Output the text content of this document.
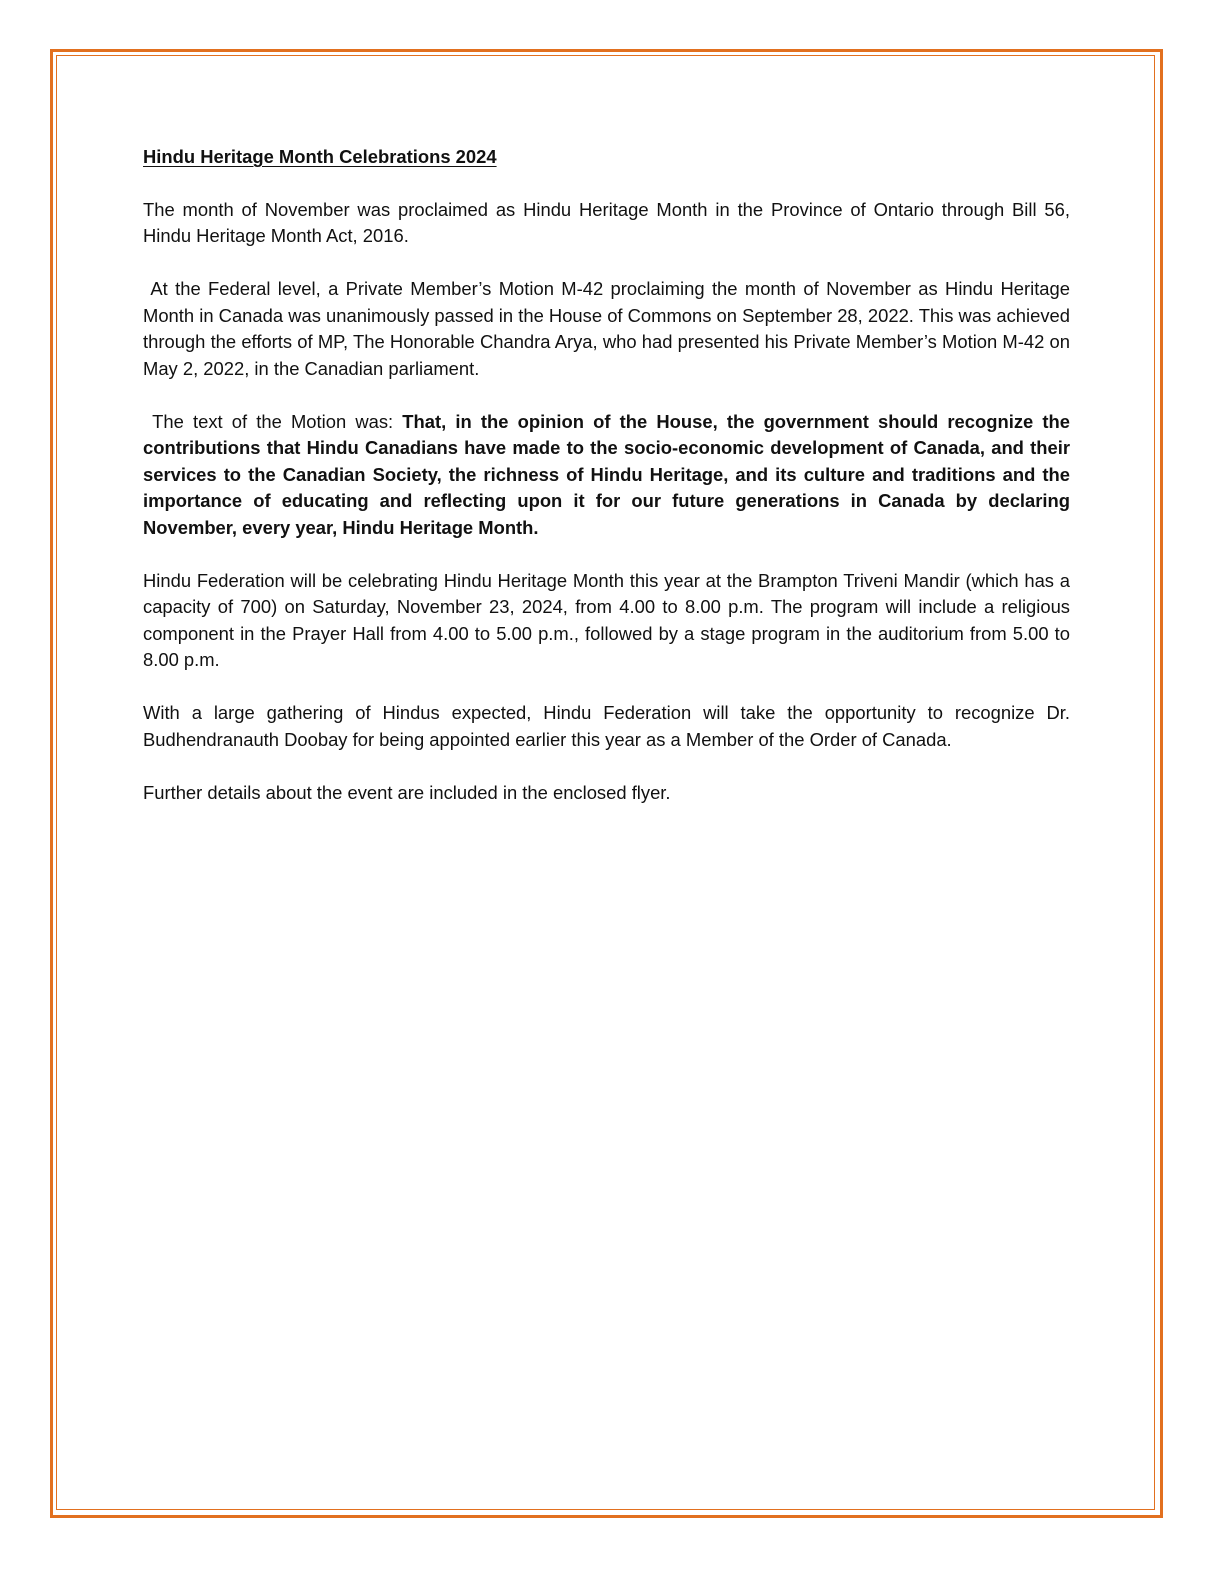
Hindu Heritage Month Celebrations 2024

The month of November was proclaimed as Hindu Heritage Month in the Province of Ontario through Bill 56, Hindu Heritage Month Act, 2016.

At the Federal level, a Private Member’s Motion M-42 proclaiming the month of November as Hindu Heritage Month in Canada was unanimously passed in the House of Commons on September 28, 2022. This was achieved through the efforts of MP, The Honorable Chandra Arya, who had presented his Private Member’s Motion M-42 on May 2, 2022, in the Canadian parliament.

The text of the Motion was: That, in the opinion of the House, the government should recognize the contributions that Hindu Canadians have made to the socio-economic development of Canada, and their services to the Canadian Society, the richness of Hindu Heritage, and its culture and traditions and the importance of educating and reflecting upon it for our future generations in Canada by declaring November, every year, Hindu Heritage Month.

Hindu Federation will be celebrating Hindu Heritage Month this year at the Brampton Triveni Mandir (which has a capacity of 700) on Saturday, November 23, 2024, from 4.00 to 8.00 p.m. The program will include a religious component in the Prayer Hall from 4.00 to 5.00 p.m., followed by a stage program in the auditorium from 5.00 to 8.00 p.m.

With a large gathering of Hindus expected, Hindu Federation will take the opportunity to recognize Dr. Budhendranauth Doobay for being appointed earlier this year as a Member of the Order of Canada.

Further details about the event are included in the enclosed flyer.
